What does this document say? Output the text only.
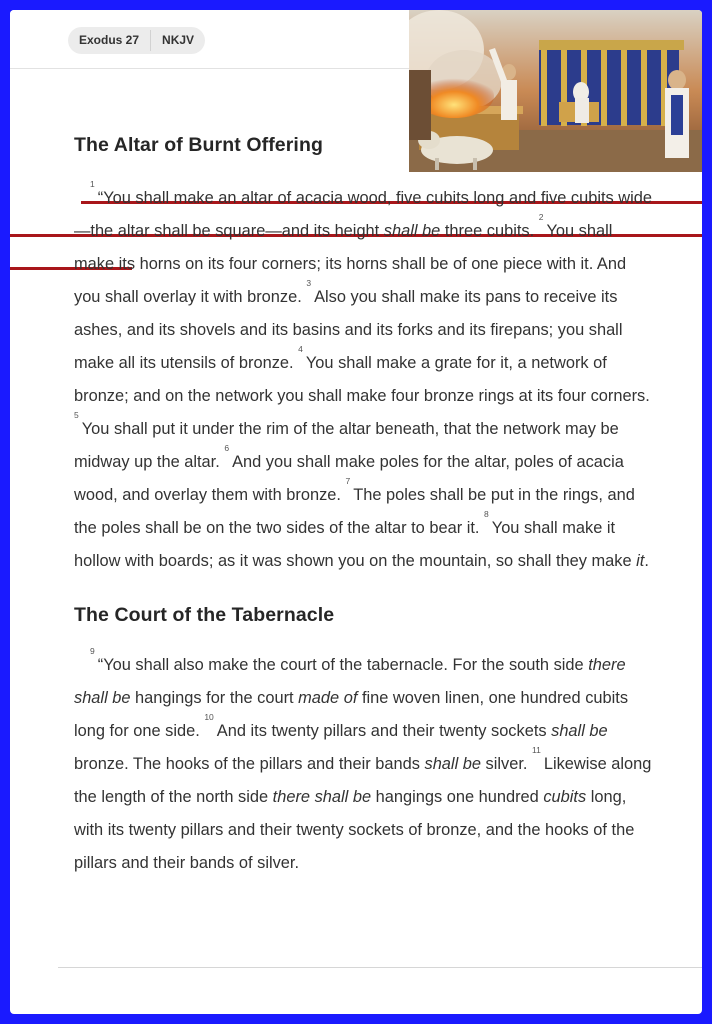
Exodus 27	NKJV
The Altar of Burnt Offering

$^1$“You shall make an altar of acacia wood, five cubits long and five cubits wide—the altar shall be square—and its height shall be three cubits. $^2$You shall make its horns on its four corners; its horns shall be of one piece with it. And you shall overlay it with bronze. $^3$Also you shall make its pans to receive its ashes, and its shovels and its basins and its forks and its firepans; you shall make all its utensils of bronze. $^4$You shall make a grate for it, a network of bronze; and on the network you shall make four bronze rings at its four corners. $^5$You shall put it under the rim of the altar beneath, that the network may be midway up the altar. $^6$And you shall make poles for the altar, poles of acacia wood, and overlay them with bronze. $^7$The poles shall be put in the rings, and the poles shall be on the two sides of the altar to bear it. $^8$You shall make it hollow with boards; as it was shown you on the mountain, so shall they make it.

The Court of the Tabernacle

$^9$“You shall also make the court of the tabernacle. For the south side there shall be hangings for the court made of fine woven linen, one hundred cubits long for one side. $^{10}$And its twenty pillars and their twenty sockets shall be bronze. The hooks of the pillars and their bands shall be silver. $^{11}$Likewise along the length of the north side there shall be hangings one hundred cubits long, with its twenty pillars and their twenty sockets of bronze, and the hooks of the pillars and their bands of silver.
